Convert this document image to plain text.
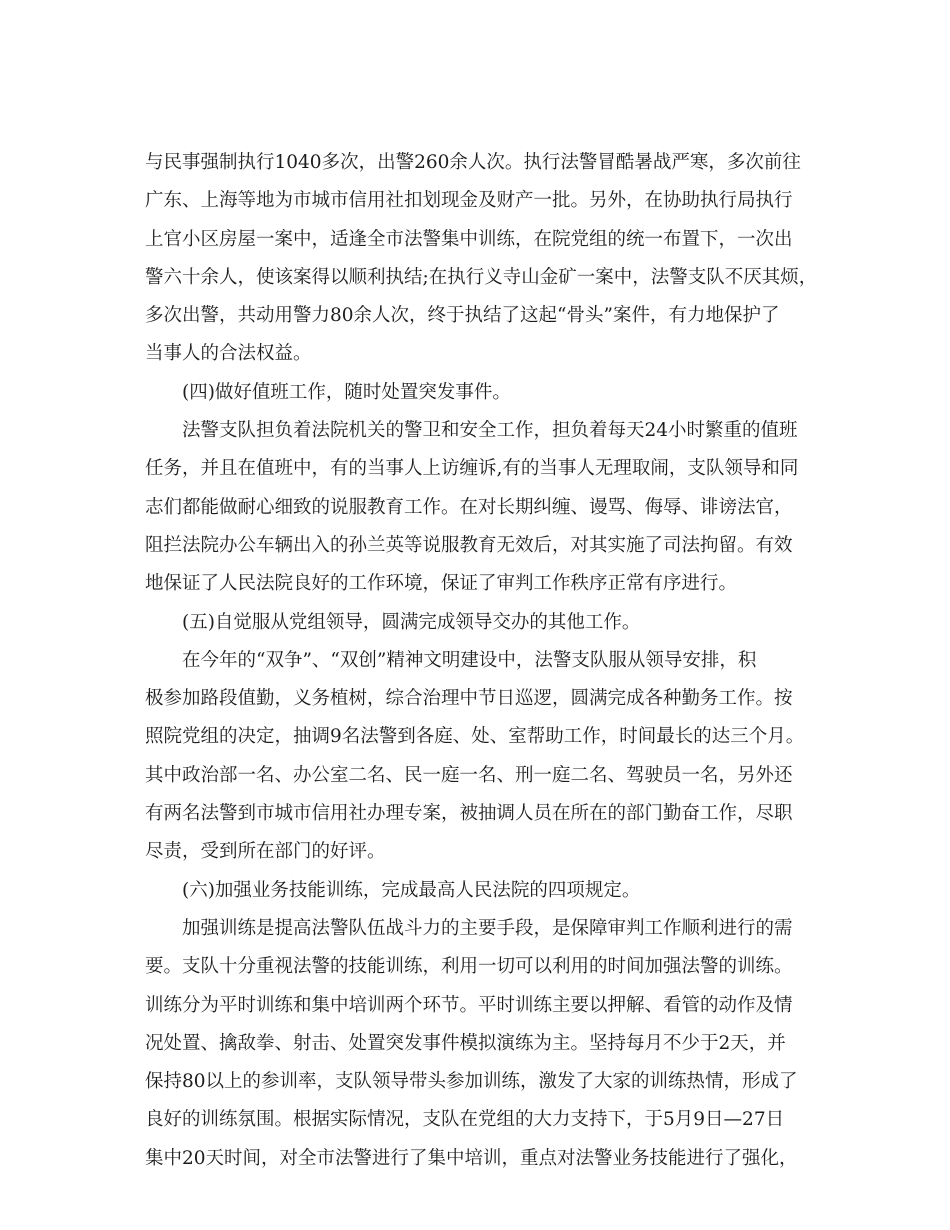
与民事强制执行1040多次，出警260余人次。执行法警冒酷暑战严寒，多次前往
广东、上海等地为市城市信用社扣划现金及财产一批。另外，在协助执行局执行
上官小区房屋一案中，适逢全市法警集中训练，在院党组的统一布置下，一次出
警六十余人，使该案得以顺利执结;在执行义寺山金矿一案中，法警支队不厌其烦，
多次出警，共动用警力80余人次，终于执结了这起“骨头”案件，有力地保护了
当事人的合法权益。
(四)做好值班工作，随时处置突发事件。
法警支队担负着法院机关的警卫和安全工作，担负着每天24小时繁重的值班
任务，并且在值班中，有的当事人上访缠诉,有的当事人无理取闹，支队领导和同
志们都能做耐心细致的说服教育工作。在对长期纠缠、谩骂、侮辱、诽谤法官，
阻拦法院办公车辆出入的孙兰英等说服教育无效后，对其实施了司法拘留。有效
地保证了人民法院良好的工作环境，保证了审判工作秩序正常有序进行。
(五)自觉服从党组领导，圆满完成领导交办的其他工作。
在今年的“双争”、“双创”精神文明建设中，法警支队服从领导安排，积
极参加路段值勤，义务植树，综合治理中节日巡逻，圆满完成各种勤务工作。按
照院党组的决定，抽调9名法警到各庭、处、室帮助工作，时间最长的达三个月。
其中政治部一名、办公室二名、民一庭一名、刑一庭二名、驾驶员一名，另外还
有两名法警到市城市信用社办理专案，被抽调人员在所在的部门勤奋工作，尽职
尽责，受到所在部门的好评。
(六)加强业务技能训练，完成最高人民法院的四项规定。
加强训练是提高法警队伍战斗力的主要手段，是保障审判工作顺利进行的需
要。支队十分重视法警的技能训练，利用一切可以利用的时间加强法警的训练。
训练分为平时训练和集中培训两个环节。平时训练主要以押解、看管的动作及情
况处置、擒敌拳、射击、处置突发事件模拟演练为主。坚持每月不少于2天，并
保持80以上的参训率，支队领导带头参加训练，激发了大家的训练热情，形成了
良好的训练氛围。根据实际情况，支队在党组的大力支持下，于5月9日—27日
集中20天时间，对全市法警进行了集中培训，重点对法警业务技能进行了强化，
